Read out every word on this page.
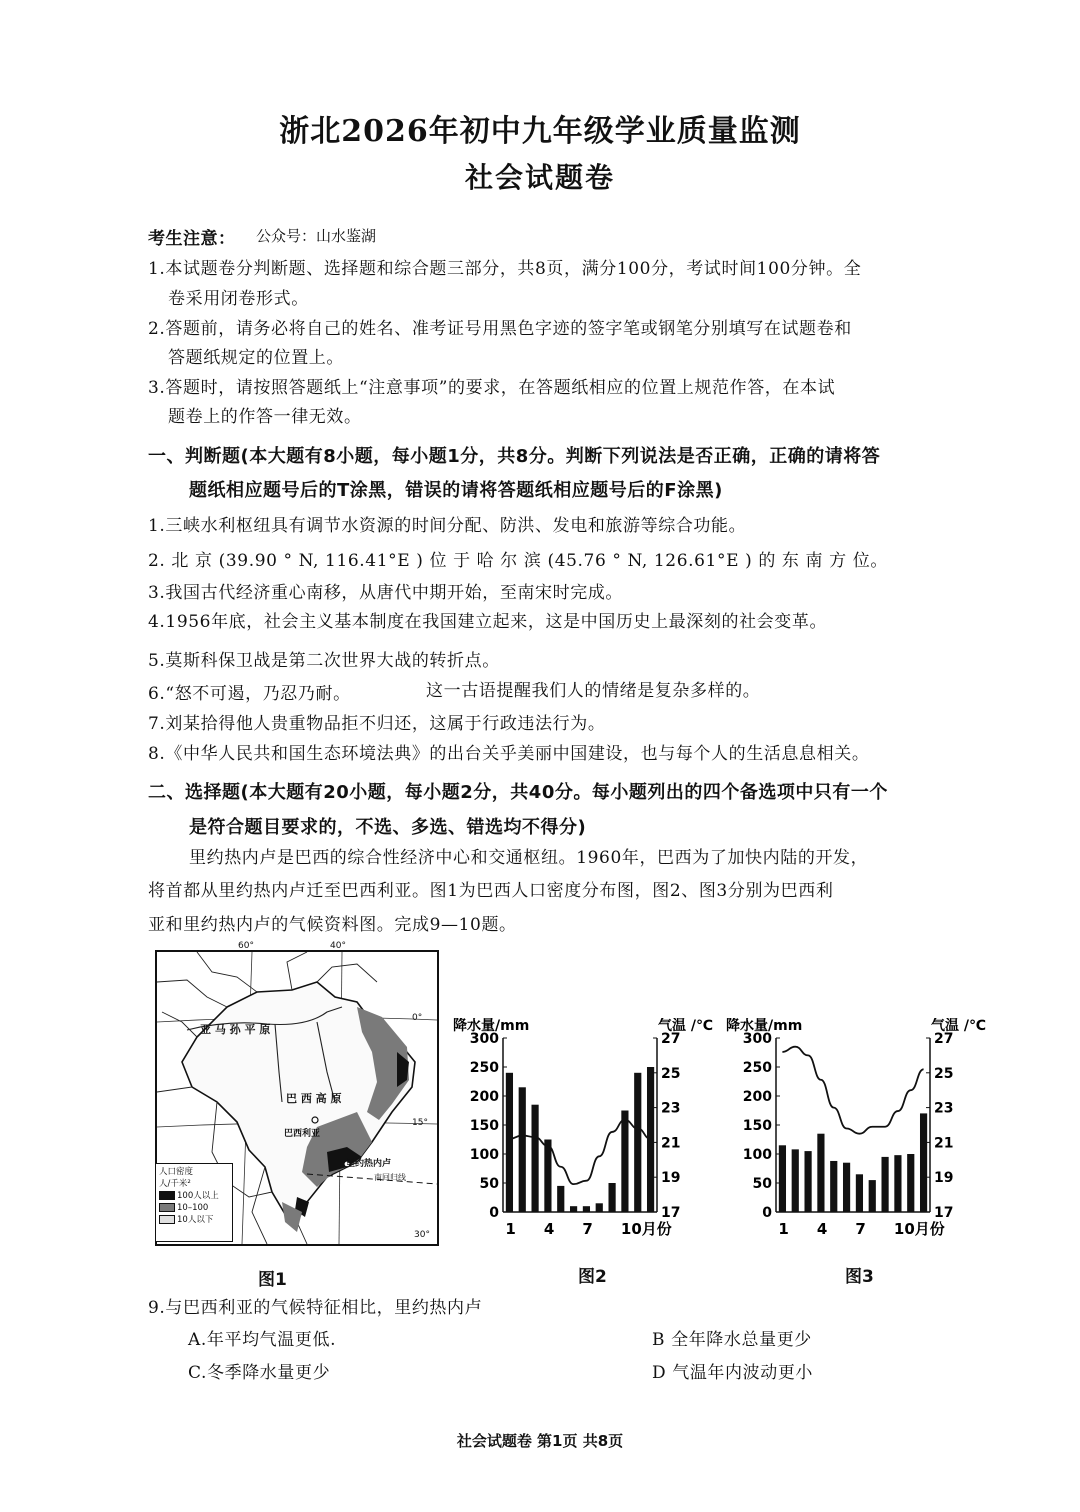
浙北2026年初中九年级学业质量监测
社会试题卷
考生注意： 公众号：山水鉴湖
1.本试题卷分判断题、选择题和综合题三部分，共8页，满分100分，考试时间100分钟。全
卷采用闭卷形式。
2.答题前，请务必将自己的姓名、准考证号用黑色字迹的签字笔或钢笔分别填写在试题卷和
答题纸规定的位置上。
3.答题时，请按照答题纸上“注意事项”的要求，在答题纸相应的位置上规范作答，在本试
题卷上的作答一律无效。
一、判断题(本大题有8小题，每小题1分，共8分。判断下列说法是否正确，正确的请将答
题纸相应题号后的T涂黑，错误的请将答题纸相应题号后的F涂黑)
1.三峡水利枢纽具有调节水资源的时间分配、防洪、发电和旅游等综合功能。
2. 北 京 (39.90 ° N, 116.41°E ) 位 于 哈 尔 滨 (45.76 ° N, 126.61°E ) 的 东 南 方 位。
3.我国古代经济重心南移，从唐代中期开始，至南宋时完成。
4.1956年底，社会主义基本制度在我国建立起来，这是中国历史上最深刻的社会变革。
5.莫斯科保卫战是第二次世界大战的转折点。
6.“怒不可遏，乃忍乃耐。	这一古语提醒我们人的情绪是复杂多样的。
7.刘某拾得他人贵重物品拒不归还，这属于行政违法行为。
8.《中华人民共和国生态环境法典》的出台关乎美丽中国建设，也与每个人的生活息息相关。
二、选择题(本大题有20小题，每小题2分，共40分。每小题列出的四个备选项中只有一个
是符合题目要求的，不选、多选、错选均不得分)
里约热内卢是巴西的综合性经济中心和交通枢纽。1960年，巴西为了加快内陆的开发，
将首都从里约热内卢迁至巴西利亚。图1为巴西人口密度分布图，图2、图3分别为巴西利
亚和里约热内卢的气候资料图。完成9—10题。
60°	40°
0°
15°
30°
亚 马 孙 平 原
巴 西 高 原
巴西利亚
里约热内卢
南回归线
人口密度
人/千米²
100人以上
10–100
10人以下
图1
降水量/mm	气温 /℃
0
50
100
150
200
250
300
17
19
21
23
25
27
1 4 7 10月份
图2
降水量/mm	气温 /℃
0
50
100
150
200
250
300
17
19
21
23
25
27
1 4 7 10月份
图3
9.与巴西利亚的气候特征相比，里约热内卢
A.年平均气温更低.	B 全年降水总量更少
C.冬季降水量更少	D 气温年内波动更小
社会试题卷 第1页 共8页
